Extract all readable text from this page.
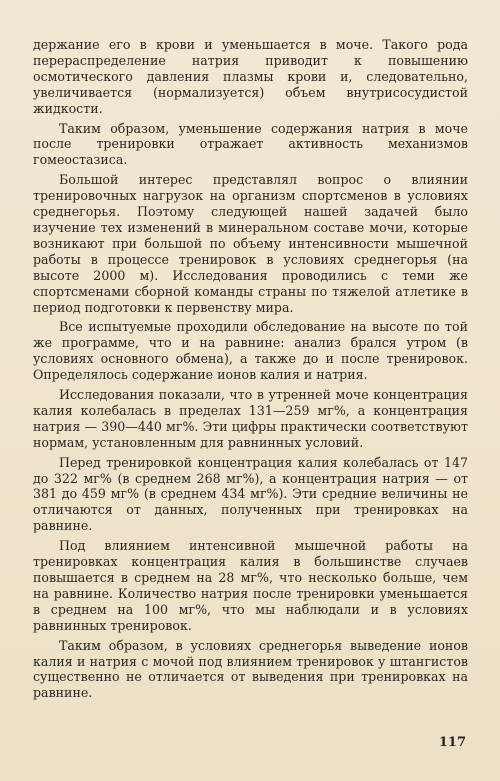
держание его в крови и уменьшается в моче. Такого рода перераспределение натрия приводит к повышению осмотического давления плазмы крови и, следовательно, увеличивается (нормализуется) объем внутрисосудистой жидкости.

Таким образом, уменьшение содержания натрия в моче после тренировки отражает активность механизмов гомеостазиса.

Большой интерес представлял вопрос о влиянии тренировочных нагрузок на организм спортсменов в условиях среднегорья. Поэтому следующей нашей задачей было изучение тех изменений в минеральном составе мочи, которые возникают при большой по объему интенсивности мышечной работы в процессе тренировок в условиях среднегорья (на высоте 2000 м). Исследования проводились с теми же спортсменами сборной команды страны по тяжелой атлетике в период подготовки к первенству мира.

Все испытуемые проходили обследование на высоте по той же программе, что и на равнине: анализ брался утром (в условиях основного обмена), а также до и после тренировок. Определялось содержание ионов калия и натрия.

Исследования показали, что в утренней моче концентрация калия колебалась в пределах 131—259 мг%, а концентрация натрия — 390—440 мг%. Эти цифры практически соответствуют нормам, установленным для равнинных условий.

Перед тренировкой концентрация калия колебалась от 147 до 322 мг% (в среднем 268 мг%), а концентрация натрия — от 381 до 459 мг% (в среднем 434 мг%). Эти средние величины не отличаются от данных, полученных при тренировках на равнине.

Под влиянием интенсивной мышечной работы на тренировках концентрация калия в большинстве случаев повышается в среднем на 28 мг%, что несколько больше, чем на равнине. Количество натрия после тренировки уменьшается в среднем на 100 мг%, что мы наблюдали и в условиях равнинных тренировок.

Таким образом, в условиях среднегорья выведение ионов калия и натрия с мочой под влиянием тренировок у штангистов существенно не отличается от выведения при тренировках на равнине.

117
